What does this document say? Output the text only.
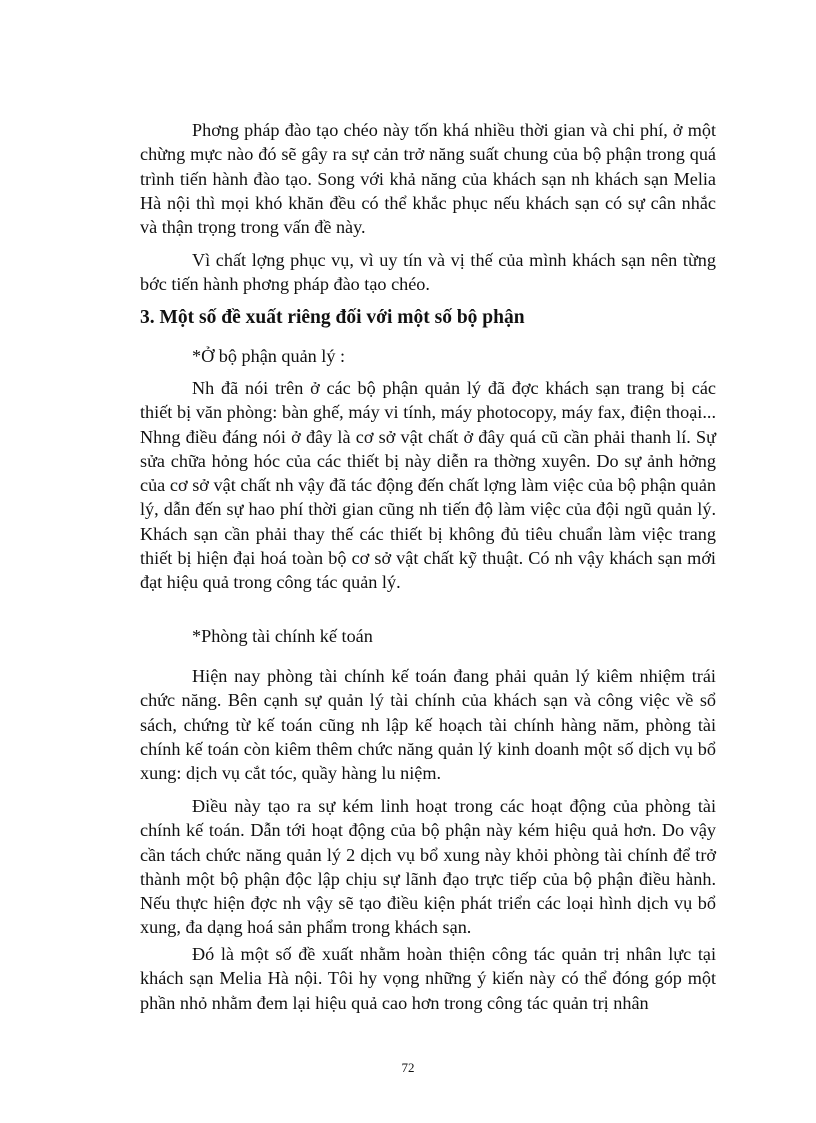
Phơng pháp đào tạo chéo này tốn khá nhiều thời gian và chi phí, ở một chừng mực nào đó sẽ gây ra sự cản trở năng suất chung của bộ phận trong quá trình tiến hành đào tạo. Song với khả năng của khách sạn nh khách sạn Melia Hà nội thì mọi khó khăn đều có thể khắc phục nếu khách sạn có sự cân nhắc và thận trọng trong vấn đề này.

Vì chất lợng phục vụ, vì uy tín và vị thế của mình khách sạn nên từng bớc tiến hành phơng pháp đào tạo chéo.

3. Một số đề xuất riêng đối với một số bộ phận

*Ở bộ phận quản lý :

Nh đã nói trên ở các bộ phận quản lý đã đợc khách sạn trang bị các thiết bị văn phòng: bàn ghế, máy vi tính, máy photocopy, máy fax, điện thoại... Nhng điều đáng nói ở đây là cơ sở vật chất ở đây quá cũ cần phải thanh lí. Sự sửa chữa hỏng hóc của các thiết bị này diễn ra thờng xuyên. Do sự ảnh hởng của cơ sở vật chất nh vậy đã tác động đến chất lợng làm việc của bộ phận quản lý, dẫn đến sự hao phí thời gian cũng nh tiến độ làm việc của đội ngũ quản lý. Khách sạn cần phải thay thế các thiết bị không đủ tiêu chuẩn làm việc trang thiết bị hiện đại hoá toàn bộ cơ sở vật chất kỹ thuật. Có nh vậy khách sạn mới đạt hiệu quả trong công tác quản lý.

*Phòng tài chính kế toán

Hiện nay phòng tài chính kế toán đang phải quản lý kiêm nhiệm trái chức năng. Bên cạnh sự quản lý tài chính của khách sạn và công việc về sổ sách, chứng từ kế toán cũng nh lập kế hoạch tài chính hàng năm, phòng tài chính kế toán còn kiêm thêm chức năng quản lý kinh doanh một số dịch vụ bổ xung: dịch vụ cắt tóc, quầy hàng lu niệm.

Điều này tạo ra sự kém linh hoạt trong các hoạt động của phòng tài chính kế toán. Dẫn tới hoạt động của bộ phận này kém hiệu quả hơn. Do vậy cần tách chức năng quản lý 2 dịch vụ bổ xung này khỏi phòng tài chính để trở thành một bộ phận độc lập chịu sự lãnh đạo trực tiếp của bộ phận điều hành. Nếu thực hiện đợc nh vậy sẽ tạo điều kiện phát triển các loại hình dịch vụ bổ xung, đa dạng hoá sản phẩm trong khách sạn.

Đó là một số đề xuất nhằm hoàn thiện công tác quản trị nhân lực tại khách sạn Melia Hà nội. Tôi hy vọng những ý kiến này có thể đóng góp một phần nhỏ nhằm đem lại hiệu quả cao hơn trong công tác quản trị nhân

72
